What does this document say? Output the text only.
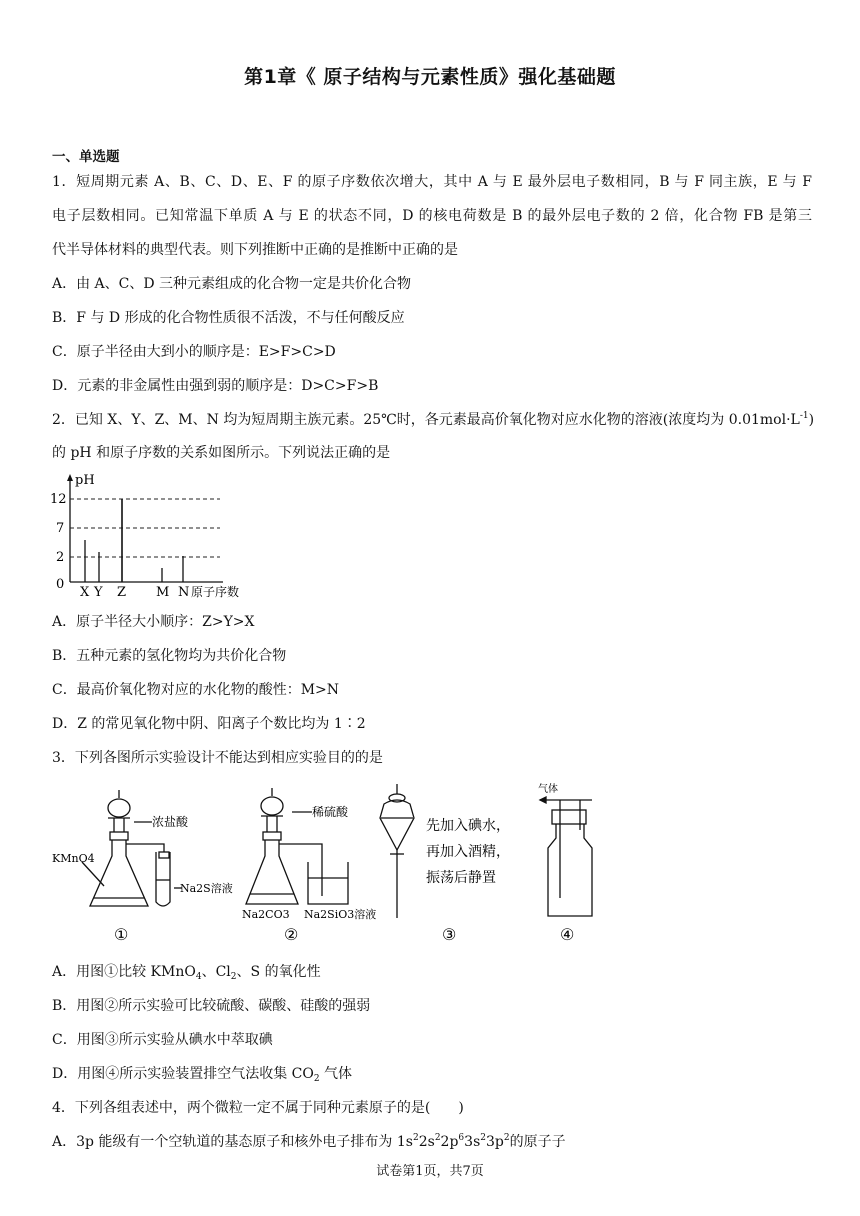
第1章《 原子结构与元素性质》强化基础题
一、单选题
1．短周期元素 A、B、C、D、E、F 的原子序数依次增大，其中 A 与 E 最外层电子数相同，B 与 F 同主族，E 与 F
电子层数相同。已知常温下单质 A 与 E 的状态不同，D 的核电荷数是 B 的最外层电子数的 2 倍，化合物 FB 是第三
代半导体材料的典型代表。则下列推断中正确的是推断中正确的是
A．由 A、C、D 三种元素组成的化合物一定是共价化合物
B．F 与 D 形成的化合物性质很不活泼，不与任何酸反应
C．原子半径由大到小的顺序是：E>F>C>D
D．元素的非金属性由强到弱的顺序是：D>C>F>B
2．已知 X、Y、Z、M、N 均为短周期主族元素。25℃时，各元素最高价氧化物对应水化物的溶液(浓度均为 $0.01mol\cdot L^{-1}$)
的 pH 和原子序数的关系如图所示。下列说法正确的是
pH
12
7
2
0
X Y Z M N 原子序数
A．原子半径大小顺序：Z>Y>X
B．五种元素的氢化物均为共价化合物
C．最高价氧化物对应的水化物的酸性：M>N
D．Z 的常见氧化物中阴、阳离子个数比均为 1∶2
3．下列各图所示实验设计不能达到相应实验目的的是
浓盐酸
KMnO4
Na2S溶液
①
稀硫酸
Na2CO3 Na2SiO3溶液
②
先加入碘水，
再加入酒精，
振荡后静置
③
气体
④
A．用图①比较 KMnO$_4$、$Cl_2$、S 的氧化性
B．用图②所示实验可比较硫酸、碳酸、硅酸的强弱
C．用图③所示实验从碘水中萃取碘
D．用图④所示实验装置排空气法收集 $CO_2$ 气体
4．下列各组表述中，两个微粒一定不属于同种元素原子的是(　　)
A．3p 能级有一个空轨道的基态原子和核外电子排布为 $1s^22s^22p^63s^23p^2$的原子子
试卷第1页，共7页
